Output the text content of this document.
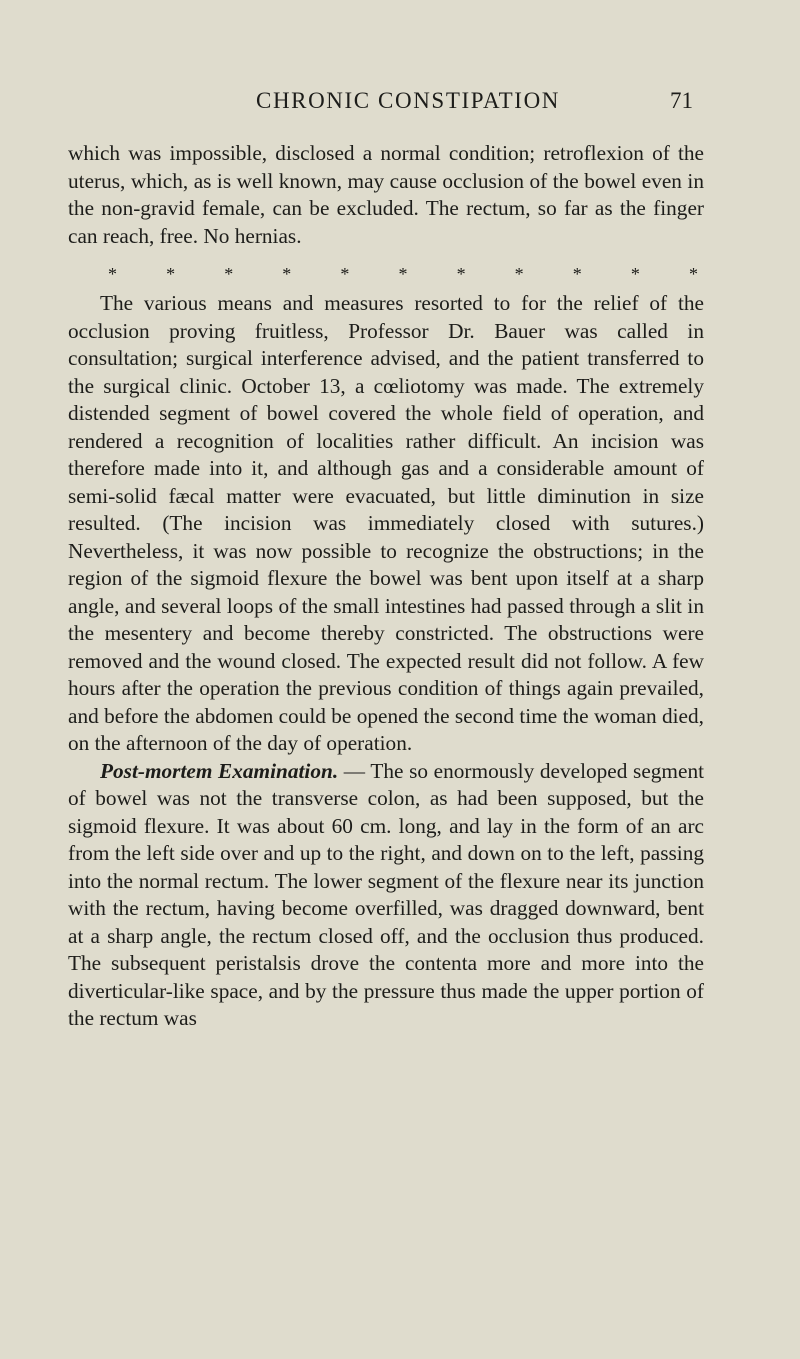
CHRONIC CONSTIPATION	71

which was impossible, disclosed a normal condition; retroflexion of the uterus, which, as is well known, may cause occlusion of the bowel even in the non-gravid female, can be excluded. The rectum, so far as the finger can reach, free. No hernias.

*	*	*	*	*	*	*	*	*	*	*

The various means and measures resorted to for the relief of the occlusion proving fruitless, Professor Dr. Bauer was called in consultation; surgical interference advised, and the patient transferred to the surgical clinic. October 13, a cœliotomy was made. The extremely distended segment of bowel covered the whole field of operation, and rendered a recognition of localities rather difficult. An incision was therefore made into it, and although gas and a considerable amount of semi-solid fæcal matter were evacuated, but little diminution in size resulted. (The incision was immediately closed with sutures.) Nevertheless, it was now possible to recognize the obstructions; in the region of the sigmoid flexure the bowel was bent upon itself at a sharp angle, and several loops of the small intestines had passed through a slit in the mesentery and become thereby constricted. The obstructions were removed and the wound closed. The expected result did not follow. A few hours after the operation the previous condition of things again prevailed, and before the abdomen could be opened the second time the woman died, on the afternoon of the day of operation.

Post-mortem Examination. — The so enormously developed segment of bowel was not the transverse colon, as had been supposed, but the sigmoid flexure. It was about 60 cm. long, and lay in the form of an arc from the left side over and up to the right, and down on to the left, passing into the normal rectum. The lower segment of the flexure near its junction with the rectum, having become overfilled, was dragged downward, bent at a sharp angle, the rectum closed off, and the occlusion thus produced. The subsequent peristalsis drove the contenta more and more into the diverticular-like space, and by the pressure thus made the upper portion of the rectum was
